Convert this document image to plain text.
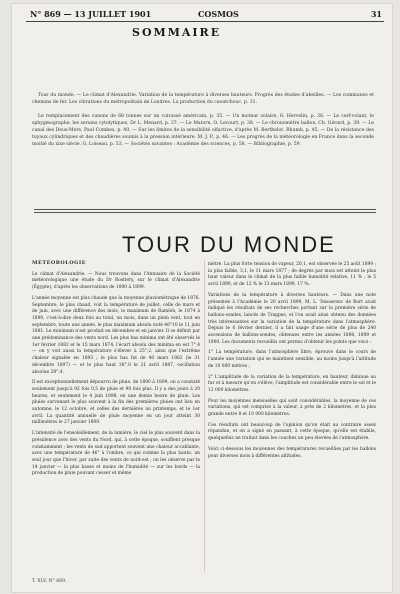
N° 869 — 13 JUILLET 1901	COSMOS	31
SOMMAIRE

Tour du monde. — Le climat d'Alexandrie. Variation de la température à diverses hauteurs. Progrès des études d'abeilles. — Les communes et chemins de fer. Les vibrations du métropolitain de Londres. La production du caoutchouc, p. 31.

Le remplacement des canons de 68 tonnes sur un cuirassé américain, p. 35. — Un moteur solaire, G. Hervelin, p. 36. — Le cerf-volant, le sphygmographe, les serums cytolytiques, Dr L. Menard, p. 37. — Le Matorn, O. Lecourt, p. 38. — Le chronomètre ballon, Ch. Gérard, p. 39. — Le canal des Deux-Mers, Paul Combes, p. 40. — Sur les limites de la sensibilité olfactive, d'après M. Berthelot. Rhumb, p. 45. — De la résistance des tuyaux cylindriques et des chaudières soumis à la pression intérieure. M. J. P., p. 46. — Les progrès de la météorologie en France dans la seconde moitié du xixe siècle. G. Loiseau, p. 53. — Sociétés savantes : Académie des sciences, p. 58. — Bibliographie, p. 59.

TOUR DU MONDE
MÉTÉOROLOGIE

Le climat d'Alexandrie. — Nous trouvons dans l'Annuaire de la Société météorologique une étude du Dr Rostlery, sur le climat d'Alexandrie (Égypte), d'après les observations de 1890 à 1899.

L'année moyenne est plus chaude que la moyenne pluviométrique de 1876. Septembre, le plus chaud, voit la température de juillet, celle de mars et de juin, avec une différence des mois, le maximum de Ramleh, le 1874 à 1890, c'est-à-dire deux fois au total, un mois, dans un plein vent, tout en septembre, toute une année, le plus maximum absolu noté 46°10 le 11 juin 1881. Le minimum n'est produit en décembre et en janvier. Il se définit par une prédominance des vents nord. Les plus bas minima ont été observés le 1er février 1882 et le 15 mars 1874, l'écart absolu des minima en est 7°,4 — on y voit aussi la température s'élever à 25°,2, ainsi que l'extrême chaleur signalée en 1893 ; le plus bas fut de 40 mars 1882 (le 31 décembre 1897) — et le plus haut 38°,0 le 21 avril 1887, oscillation absolue 28°,4.

Il est exceptionnellement dépourvu de pluie. de 1890 à 1899, on a constaté seulement jusqu'à 92 fois 0,5 de pluie et 90 fois plus. Il y a des jours à 20 heures, et seulement le 4 juin 1898, en une demie heure de pluie. Les pluies survenant le plus souvent à la fin des premières pluies ont lieu en automne, le 12 octobre, et celles des dernières au printemps, et le 1er avril. La quantité annuelle de pluie moyenne en un jour atteint 30 millimètres le 27 janvier 1899.

L'intensité de l'ensoleillement, de la lumière, le ciel le plus souvent dans la présidence avec des vents du Nord, qui, à cette époque, soufflent presque constamment ; les vents de sud apportent souvent une chaleur accablante, avec une température de 46° à l'ombre, ce qui comme la plus haute, un seul jour que l'hiver, par suite des vents de nord-est ; on les observe par le 14 janvier — la plus basse et moins de l'humidité — sur les bords — la production de pluie pouvant cesser et même

mètre. La plus forte tension de vapeur, 20,1, est observée le 25 août 1899 ; la plus faible, 3,1, le 11 mars 1877 ; de degrés par mois est atteint le plus haut valeur dans le climat de la plus faible humidité relative, 11 % ; le 5 avril 1890, et de 12 % le 13 mars 1899, 17 %.

Variations de la température à diverses hauteurs. — Dans une note présentée à l'Académie le 20 avril 1899, M. L. Teisserenc de Bort avait indiqué les résultats de ses recherches portant sur la première série de ballons-sondes, lancés de Trappes, et l'on avait ainsi obtenu des données très intéressantes sur la variation de la température dans l'atmosphère. Depuis le 6 février dernier, il a fait usage d'une série de plus de 240 ascensions de ballons-sondes, obtenues entre les années 1898, 1899 et 1900. Les documents recueillis ont permis d'obtenir les points que voici :

1° La température, dans l'atmosphère libre, éprouve dans le cours de l'année une variation qui se maintient sensible, au moins jusqu'à l'altitude de 10 000 mètres ;

2° L'amplitude de la variation de la température, en hauteur, diminue au fur et à mesure qu'on s'élève, l'amplitude est considérable entre le sol et le 12 000 kilomètres.

Pour les moyennes mensuelles qui sont considérables, la moyenne de ces variations, qui est comprise à la valeur, à près de 2 kilomètres, et la plus grande entre 8 et 10 000 kilomètres.

Ces résultats ont beaucoup de l'opinion qu'on était au contraire assez répandue, et on a signé en passant, à cette époque, qu'elle est établie, quelquefois ne traitait dans les couches un peu élevées de l'atmosphère.

Voici ci-dessous les moyennes des températures recueillies par les ballons pour diverses mois à différentes altitudes.

T. XLV. N° 869.
